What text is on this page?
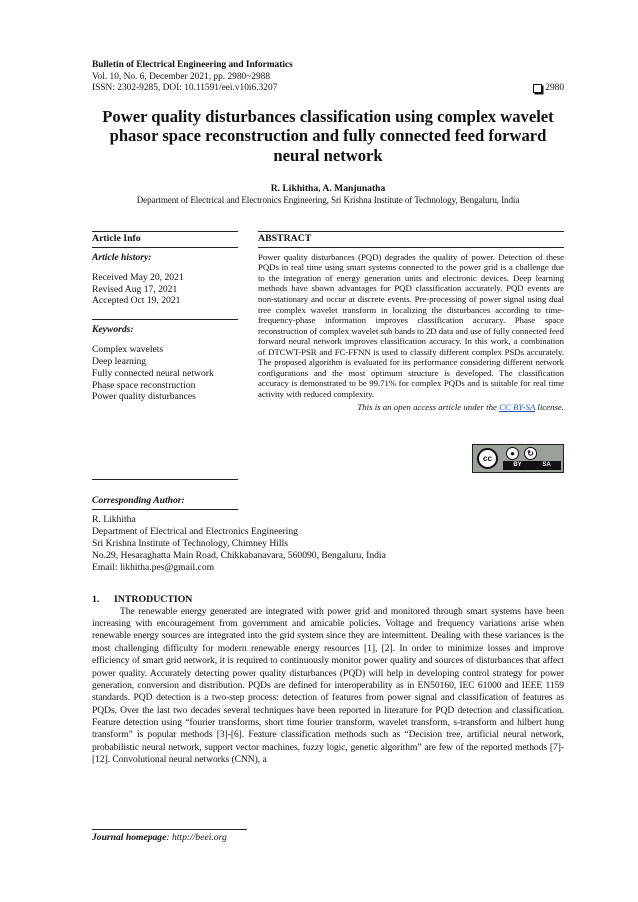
Bulletin of Electrical Engineering and Informatics
Vol. 10, No. 6, December 2021, pp. 2980~2988
ISSN: 2302-9285, DOI: 10.11591/eei.v10i6.3207	2980
Power quality disturbances classification using complex wavelet phasor space reconstruction and fully connected feed forward neural network
R. Likhitha, A. Manjunatha
Department of Electrical and Electronics Engineering, Sri Krishna Institute of Technology, Bengaluru, India
Article Info
Article history:
Received May 20, 2021
Revised Aug 17, 2021
Accepted Oct 19, 2021
Keywords:
Complex wavelets
Deep learning
Fully connected neural network
Phase space reconstruction
Power quality disturbances
ABSTRACT
Power quality disturbances (PQD) degrades the quality of power. Detection of these PQDs in real time using smart systems connected to the power grid is a challenge due to the integration of energy generation units and electronic devices. Deep learning methods have shown advantages for PQD classification accurately. PQD events are non-stationary and occur at discrete events. Pre-processing of power signal using dual tree complex wavelet transform in localizing the disturbances according to time-frequency-phase information improves classification accuracy. Phase space reconstruction of complex wavelet sub bands to 2D data and use of fully connected feed forward neural network improves classification accuracy. In this work, a combination of DTCWT-PSR and FC-FFNN is used to classify different complex PSDs accurately. The proposed algorithm is evaluated for its performance considering different network configurations and the most optimum structure is developed. The classification accuracy is demonstrated to be 99.71% for complex PQDs and is suitable for real time activity with reduced complexity.
This is an open access article under the CC BY-SA license.
cc
●	↻
BY	SA
Corresponding Author:
R. Likhitha
Department of Electrical and Electronics Engineering
Sri Krishna Institute of Technology, Chimney Hills
No.29, Hesaraghatta Main Road, Chikkabanavara, 560090, Bengaluru, India
Email: likhitha.pes@gmail.com
1. INTRODUCTION
The renewable energy generated are integrated with power grid and monitored through smart systems have been increasing with encouragement from government and amicable policies. Voltage and frequency variations arise when renewable energy sources are integrated into the grid system since they are intermittent. Dealing with these variances is the most challenging difficulty for modern renewable energy resources [1], [2]. In order to minimize losses and improve efficiency of smart grid network, it is required to continuously monitor power quality and sources of disturbances that affect power quality. Accurately detecting power quality disturbances (PQD) will help in developing control strategy for power generation, conversion and distribution. PQDs are defined for interoperability as in EN50160, IEC 61000 and IEEE 1159 standards. PQD detection is a two-step process: detection of features from power signal and classification of features as PQDs. Over the last two decades several techniques have been reported in literature for PQD detection and classification. Feature detection using “fourier transforms, short time fourier transform, wavelet transform, s-transform and hilbert hung transform” is popular methods [3]-[6]. Feature classification methods such as “Decision tree, artificial neural network, probabilistic neural network, support vector machines, fuzzy logic, genetic algorithm” are few of the reported methods [7]-[12]. Convolutional neural networks (CNN), a
Journal homepage: http://beei.org
